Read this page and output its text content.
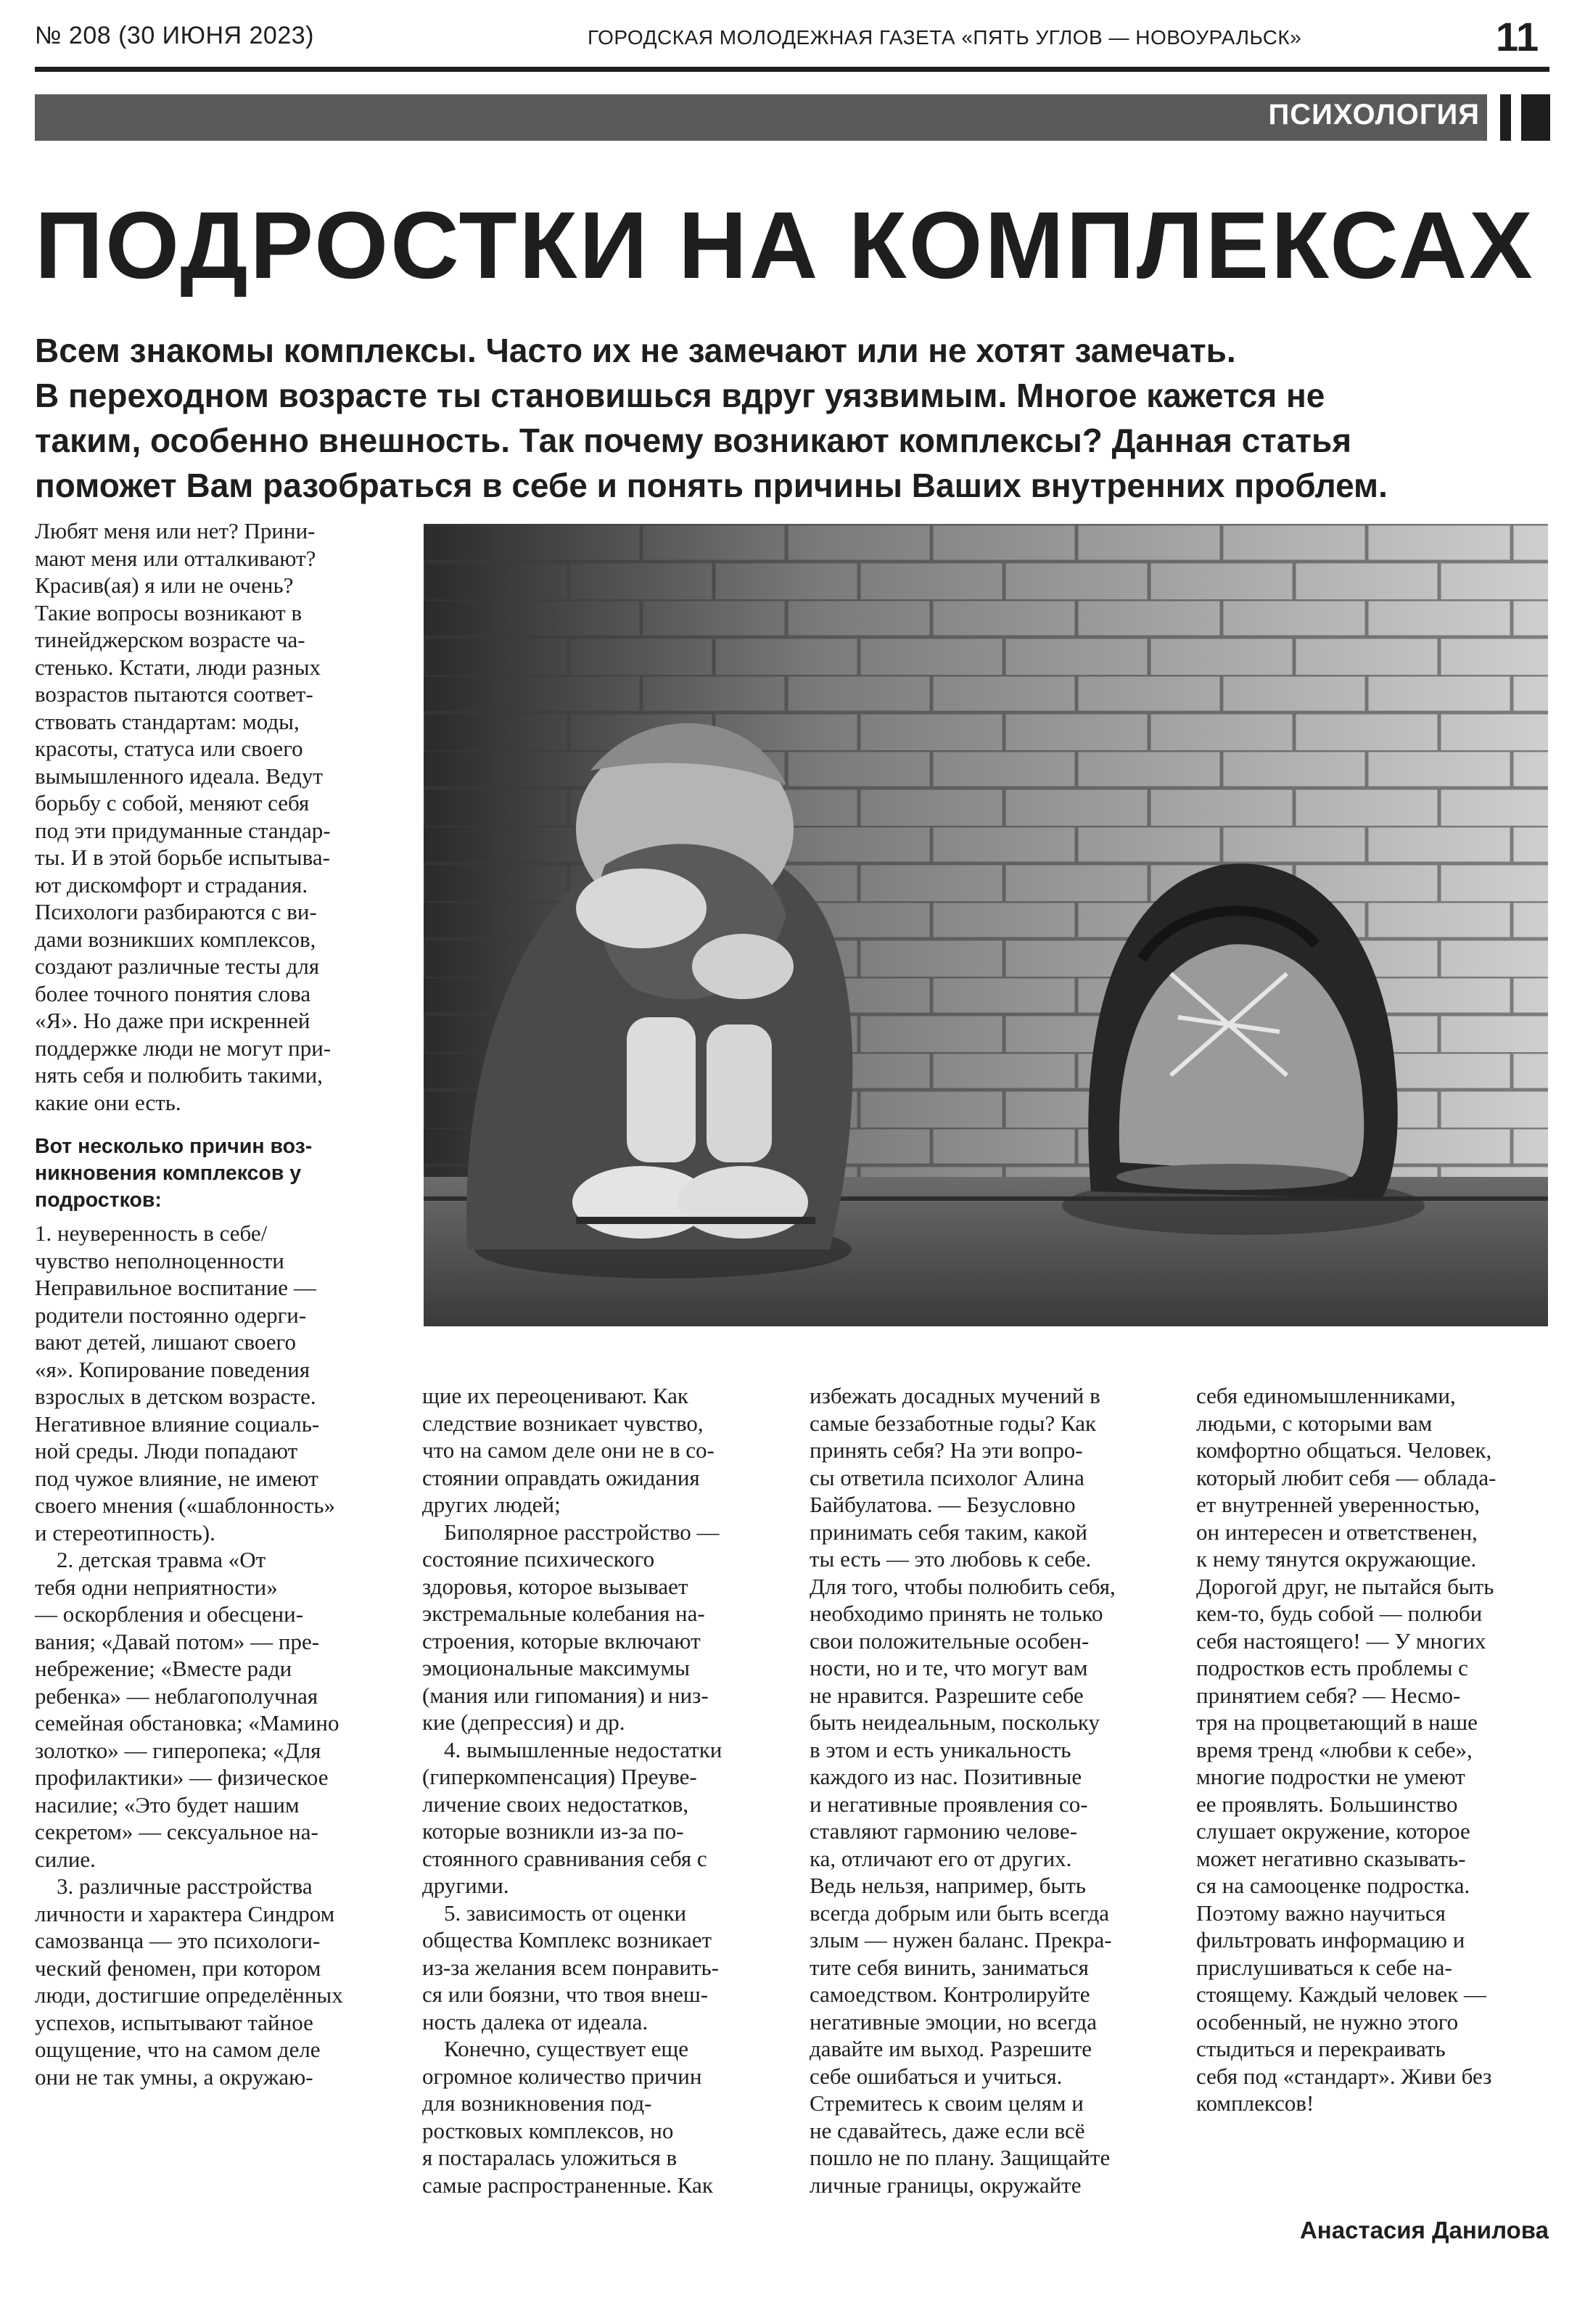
№ 208 (30 ИЮНЯ 2023)	ГОРОДСКАЯ МОЛОДЕЖНАЯ ГАЗЕТА «ПЯТЬ УГЛОВ — НОВОУРАЛЬСК»	11
ПСИХОЛОГИЯ
ПОДРОСТКИ НА КОМПЛЕКСАХ
Всем знакомы комплексы. Часто их не замечают или не хотят замечать.
В переходном возрасте ты становишься вдруг уязвимым. Многое кажется не
таким, особенно внешность. Так почему возникают комплексы? Данная статья
поможет Вам разобраться в себе и понять причины Ваших внутренних проблем.
Любят меня или нет? Прини-
мают меня или отталкивают?
Красив(ая) я или не очень?
Такие вопросы возникают в
тинейджерском возрасте ча-
стенько. Кстати, люди разных
возрастов пытаются соответ-
ствовать стандартам: моды,
красоты, статуса или своего
вымышленного идеала. Ведут
борьбу с собой, меняют себя
под эти придуманные стандар-
ты. И в этой борьбе испытыва-
ют дискомфорт и страдания.
Психологи разбираются с ви-
дами возникших комплексов,
создают различные тесты для
более точного понятия слова
«Я». Но даже при искренней
поддержке люди не могут при-
нять себя и полюбить такими,
какие они есть.
Вот несколько причин воз-
никновения комплексов у
подростков:
1. неуверенность в себе/
чувство неполноценности
Неправильное воспитание —
родители постоянно одерги-
вают детей, лишают своего
«я». Копирование поведения
взрослых в детском возрасте.
Негативное влияние социаль-
ной среды. Люди попадают
под чужое влияние, не имеют
своего мнения («шаблонность»
и стереотипность).
2. детская травма «От
тебя одни неприятности»
— оскорбления и обесцени-
вания; «Давай потом» — пре-
небрежение; «Вместе ради
ребенка» — неблагополучная
семейная обстановка; «Мамино
золотко» — гиперопека; «Для
профилактики» — физическое
насилие; «Это будет нашим
секретом» — сексуальное на-
силие.
3. различные расстройства
личности и характера Синдром
самозванца — это психологи-
ческий феномен, при котором
люди, достигшие определённых
успехов, испытывают тайное
ощущение, что на самом деле
они не так умны, а окружаю-
щие их переоценивают. Как
следствие возникает чувство,
что на самом деле они не в со-
стоянии оправдать ожидания
других людей;
Биполярное расстройство —
состояние психического
здоровья, которое вызывает
экстремальные колебания на-
строения, которые включают
эмоциональные максимумы
(мания или гипомания) и низ-
кие (депрессия) и др.
4. вымышленные недостатки
(гиперкомпенсация) Преуве-
личение своих недостатков,
которые возникли из-за по-
стоянного сравнивания себя с
другими.
5. зависимость от оценки
общества Комплекс возникает
из-за желания всем понравить-
ся или боязни, что твоя внеш-
ность далека от идеала.
Конечно, существует еще
огромное количество причин
для возникновения под-
ростковых комплексов, но
я постаралась уложиться в
самые распространенные. Как
избежать досадных мучений в
самые беззаботные годы? Как
принять себя? На эти вопро-
сы ответила психолог Алина
Байбулатова. — Безусловно
принимать себя таким, какой
ты есть — это любовь к себе.
Для того, чтобы полюбить себя,
необходимо принять не только
свои положительные особен-
ности, но и те, что могут вам
не нравится. Разрешите себе
быть неидеальным, поскольку
в этом и есть уникальность
каждого из нас. Позитивные
и негативные проявления со-
ставляют гармонию челове-
ка, отличают его от других.
Ведь нельзя, например, быть
всегда добрым или быть всегда
злым — нужен баланс. Прекра-
тите себя винить, заниматься
самоедством. Контролируйте
негативные эмоции, но всегда
давайте им выход. Разрешите
себе ошибаться и учиться.
Стремитесь к своим целям и
не сдавайтесь, даже если всё
пошло не по плану. Защищайте
личные границы, окружайте
себя единомышленниками,
людьми, с которыми вам
комфортно общаться. Человек,
который любит себя — облада-
ет внутренней уверенностью,
он интересен и ответственен,
к нему тянутся окружающие.
Дорогой друг, не пытайся быть
кем-то, будь собой — полюби
себя настоящего! — У многих
подростков есть проблемы с
принятием себя? — Несмо-
тря на процветающий в наше
время тренд «любви к себе»,
многие подростки не умеют
ее проявлять. Большинство
слушает окружение, которое
может негативно сказывать-
ся на самооценке подростка.
Поэтому важно научиться
фильтровать информацию и
прислушиваться к себе на-
стоящему. Каждый человек —
особенный, не нужно этого
стыдиться и перекраивать
себя под «стандарт». Живи без
комплексов!
Анастасия Данилова
